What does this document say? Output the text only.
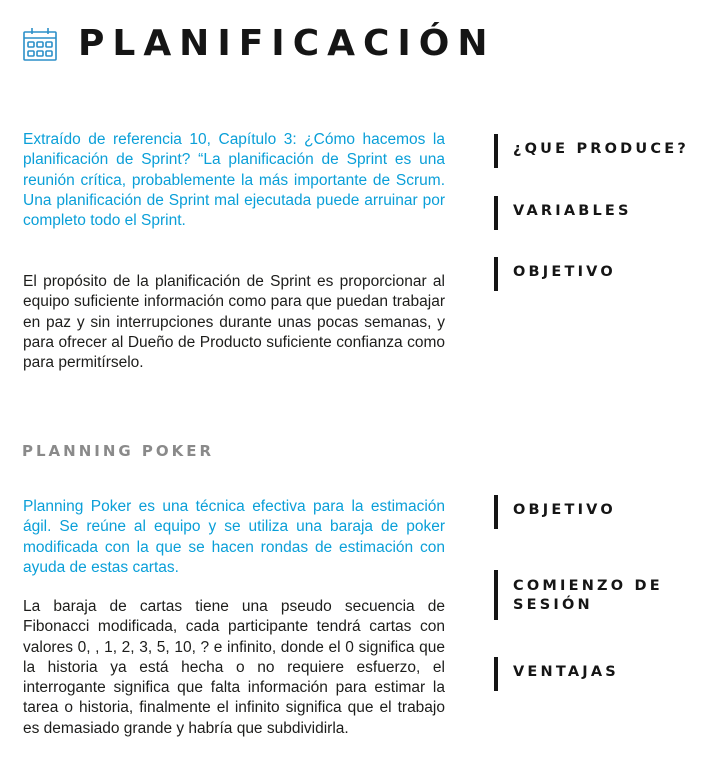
PLANIFICACIÓN

Extraído de referencia 10, Capítulo 3: ¿Cómo hacemos la planificación de Sprint? “La planificación de Sprint es una reunión crítica, probablemente la más importante de Scrum. Una planificación de Sprint mal ejecutada puede arruinar por completo todo el Sprint.

El propósito de la planificación de Sprint es proporcionar al equipo suficiente información como para que puedan trabajar en paz y sin interrupciones durante unas pocas semanas, y para ofrecer al Dueño de Producto suficiente confianza como para permitírselo.

¿QUE PRODUCE?
VARIABLES
OBJETIVO
PLANNING POKER

Planning Poker es una técnica efectiva para la estimación ágil. Se reúne al equipo y se utiliza una baraja de poker modificada con la que se hacen rondas de estimación con ayuda de estas cartas.

La baraja de cartas tiene una pseudo secuencia de Fibonacci modificada, cada participante tendrá cartas con valores 0, , 1, 2, 3, 5, 10, ? e infinito, donde el 0 significa que la historia ya está hecha o no requiere esfuerzo, el interrogante significa que falta información para estimar la tarea o historia, finalmente el infinito significa que el trabajo es demasiado grande y habría que subdividirla.

OBJETIVO
COMIENZO DE SESIÓN
VENTAJAS
